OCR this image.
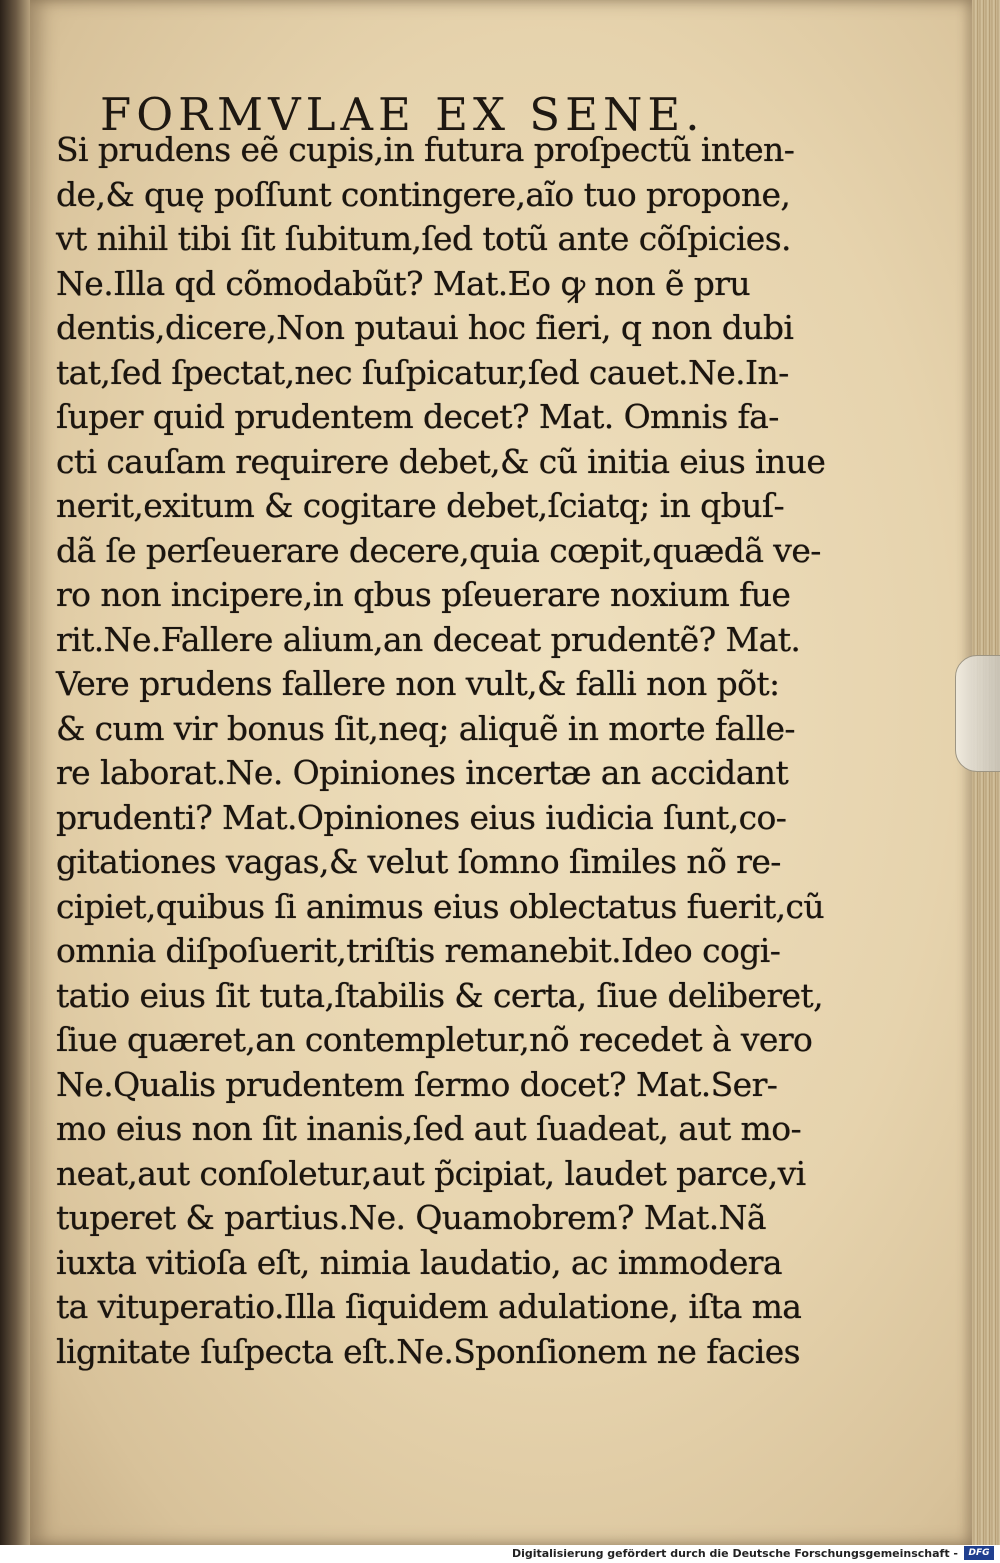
FORMVLAE EX SENE.
Si prudens eẽ cupis,in futura proſpectũ inten-
de,& quę poſſunt contingere,aĩo tuo propone,
vt nihil tibi ſit ſubitum,ſed totũ ante cõſpicies.
Ne.Illa qd cõmodabũt? Mat.Eo ꝙ non ẽ pru
dentis,dicere,Non putaui hoc fieri, q non dubi
tat,ſed ſpectat,nec ſuſpicatur,ſed cauet.Ne.In-
ſuper quid prudentem decet? Mat. Omnis fa-
cti cauſam requirere debet,& cũ initia eius inue
nerit,exitum & cogitare debet,ſciatq; in qbuſ-
dã ſe perſeuerare decere,quia cœpit,quædã ve-
ro non incipere,in qbus pſeuerare noxium fue
rit.Ne.Fallere alium,an deceat prudentẽ? Mat.
Vere prudens fallere non vult,& falli non põt:
& cum vir bonus ſit,neq; aliquẽ in morte falle-
re laborat.Ne. Opiniones incertæ an accidant
prudenti? Mat.Opiniones eius iudicia ſunt,co-
gitationes vagas,& velut ſomno ſimiles nõ re-
cipiet,quibus ſi animus eius oblectatus fuerit,cũ
omnia diſpoſuerit,triſtis remanebit.Ideo cogi-
tatio eius ſit tuta,ſtabilis & certa, ſiue deliberet,
ſiue quæret,an contempletur,nõ recedet à vero
Ne.Qualis prudentem ſermo docet? Mat.Ser-
mo eius non ſit inanis,ſed aut ſuadeat, aut mo-
neat,aut conſoletur,aut p̃cipiat, laudet parce,vi
tuperet & partius.Ne. Quamobrem? Mat.Nã
iuxta vitioſa eſt, nimia laudatio, ac immodera
ta vituperatio.Illa ſiquidem adulatione, iſta ma
lignitate ſuſpecta eſt.Ne.Sponſionem ne facies
Digitalisierung gefördert durch die Deutsche Forschungsgemeinschaft -	DFG
